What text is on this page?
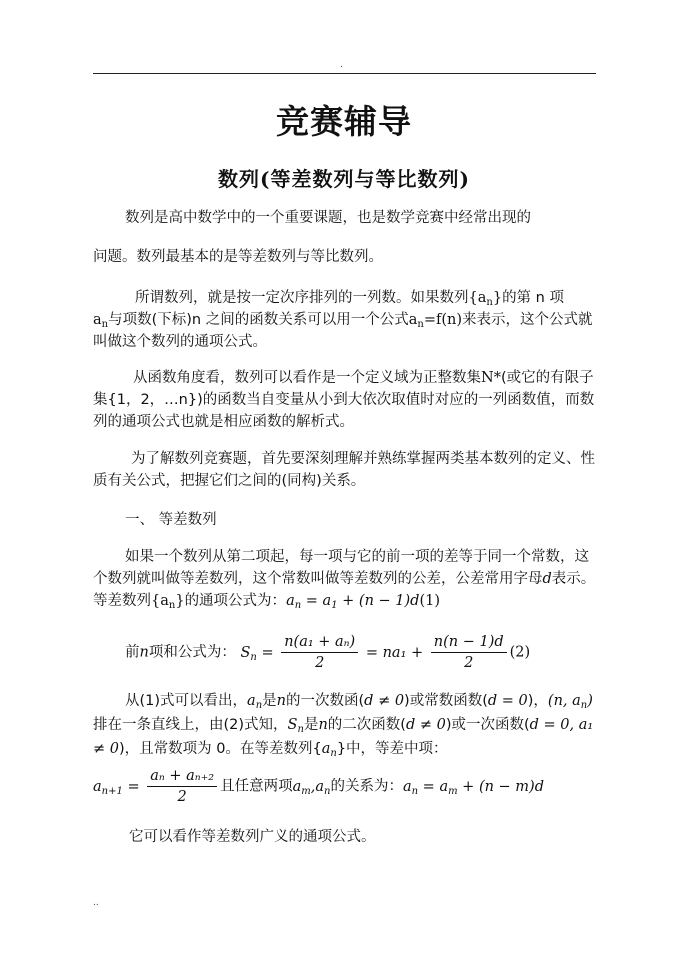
.
竞赛辅导
数列(等差数列与等比数列)

数列是高中数学中的一个重要课题，也是数学竞赛中经常出现的

问题。数列最基本的是等差数列与等比数列。

所谓数列，就是按一定次序排列的一列数。如果数列$\{a_n\}$的第 n 项
$a_n$与项数(下标)n 之间的函数关系可以用一个公式$a_n=f(n)$来表示，这个公式就叫做这个数列的通项公式。

从函数角度看，数列可以看作是一个定义域为正整数集N*(或它的有限子集{1，2，…n})的函数当自变量从小到大依次取值时对应的一列函数值，而数列的通项公式也就是相应函数的解析式。

为了解数列竞赛题，首先要深刻理解并熟练掌握两类基本数列的定义、性质有关公式，把握它们之间的(同构)关系。

一、 等差数列

如果一个数列从第二项起，每一项与它的前一项的差等于同一个常数，这个数列就叫做等差数列，这个常数叫做等差数列的公差，公差常用字母d表示。 等差数列$\{a_n\}$的通项公式为：$a_n = a_1 + (n - 1)d(1)$

前n项和公式为： $S_n = \frac{\text{n(a₁ + aₙ)}}{2} = na_1 + \frac{n(n - 1)d}{2} (2)$

从(1)式可以看出，$a_n$是n的一次数函(d ≠ 0)或常数函数(d = 0)，(n, $a_n$)排在一条直线上，由(2)式知，$S_n$是n的二次函数(d ≠ 0)或一次函数(d = 0, a₁ ≠ 0)，且常数项为 0。在等差数列$\{a_n\}$中，等差中项：

$a_{n+1} = \frac{\text{aₙ + aₙ₊₂}}{2}$ 且任意两项$a_m,a_n$的关系为：$a_n = a_m + (n - m)d$

它可以看作等差数列广义的通项公式。

..
